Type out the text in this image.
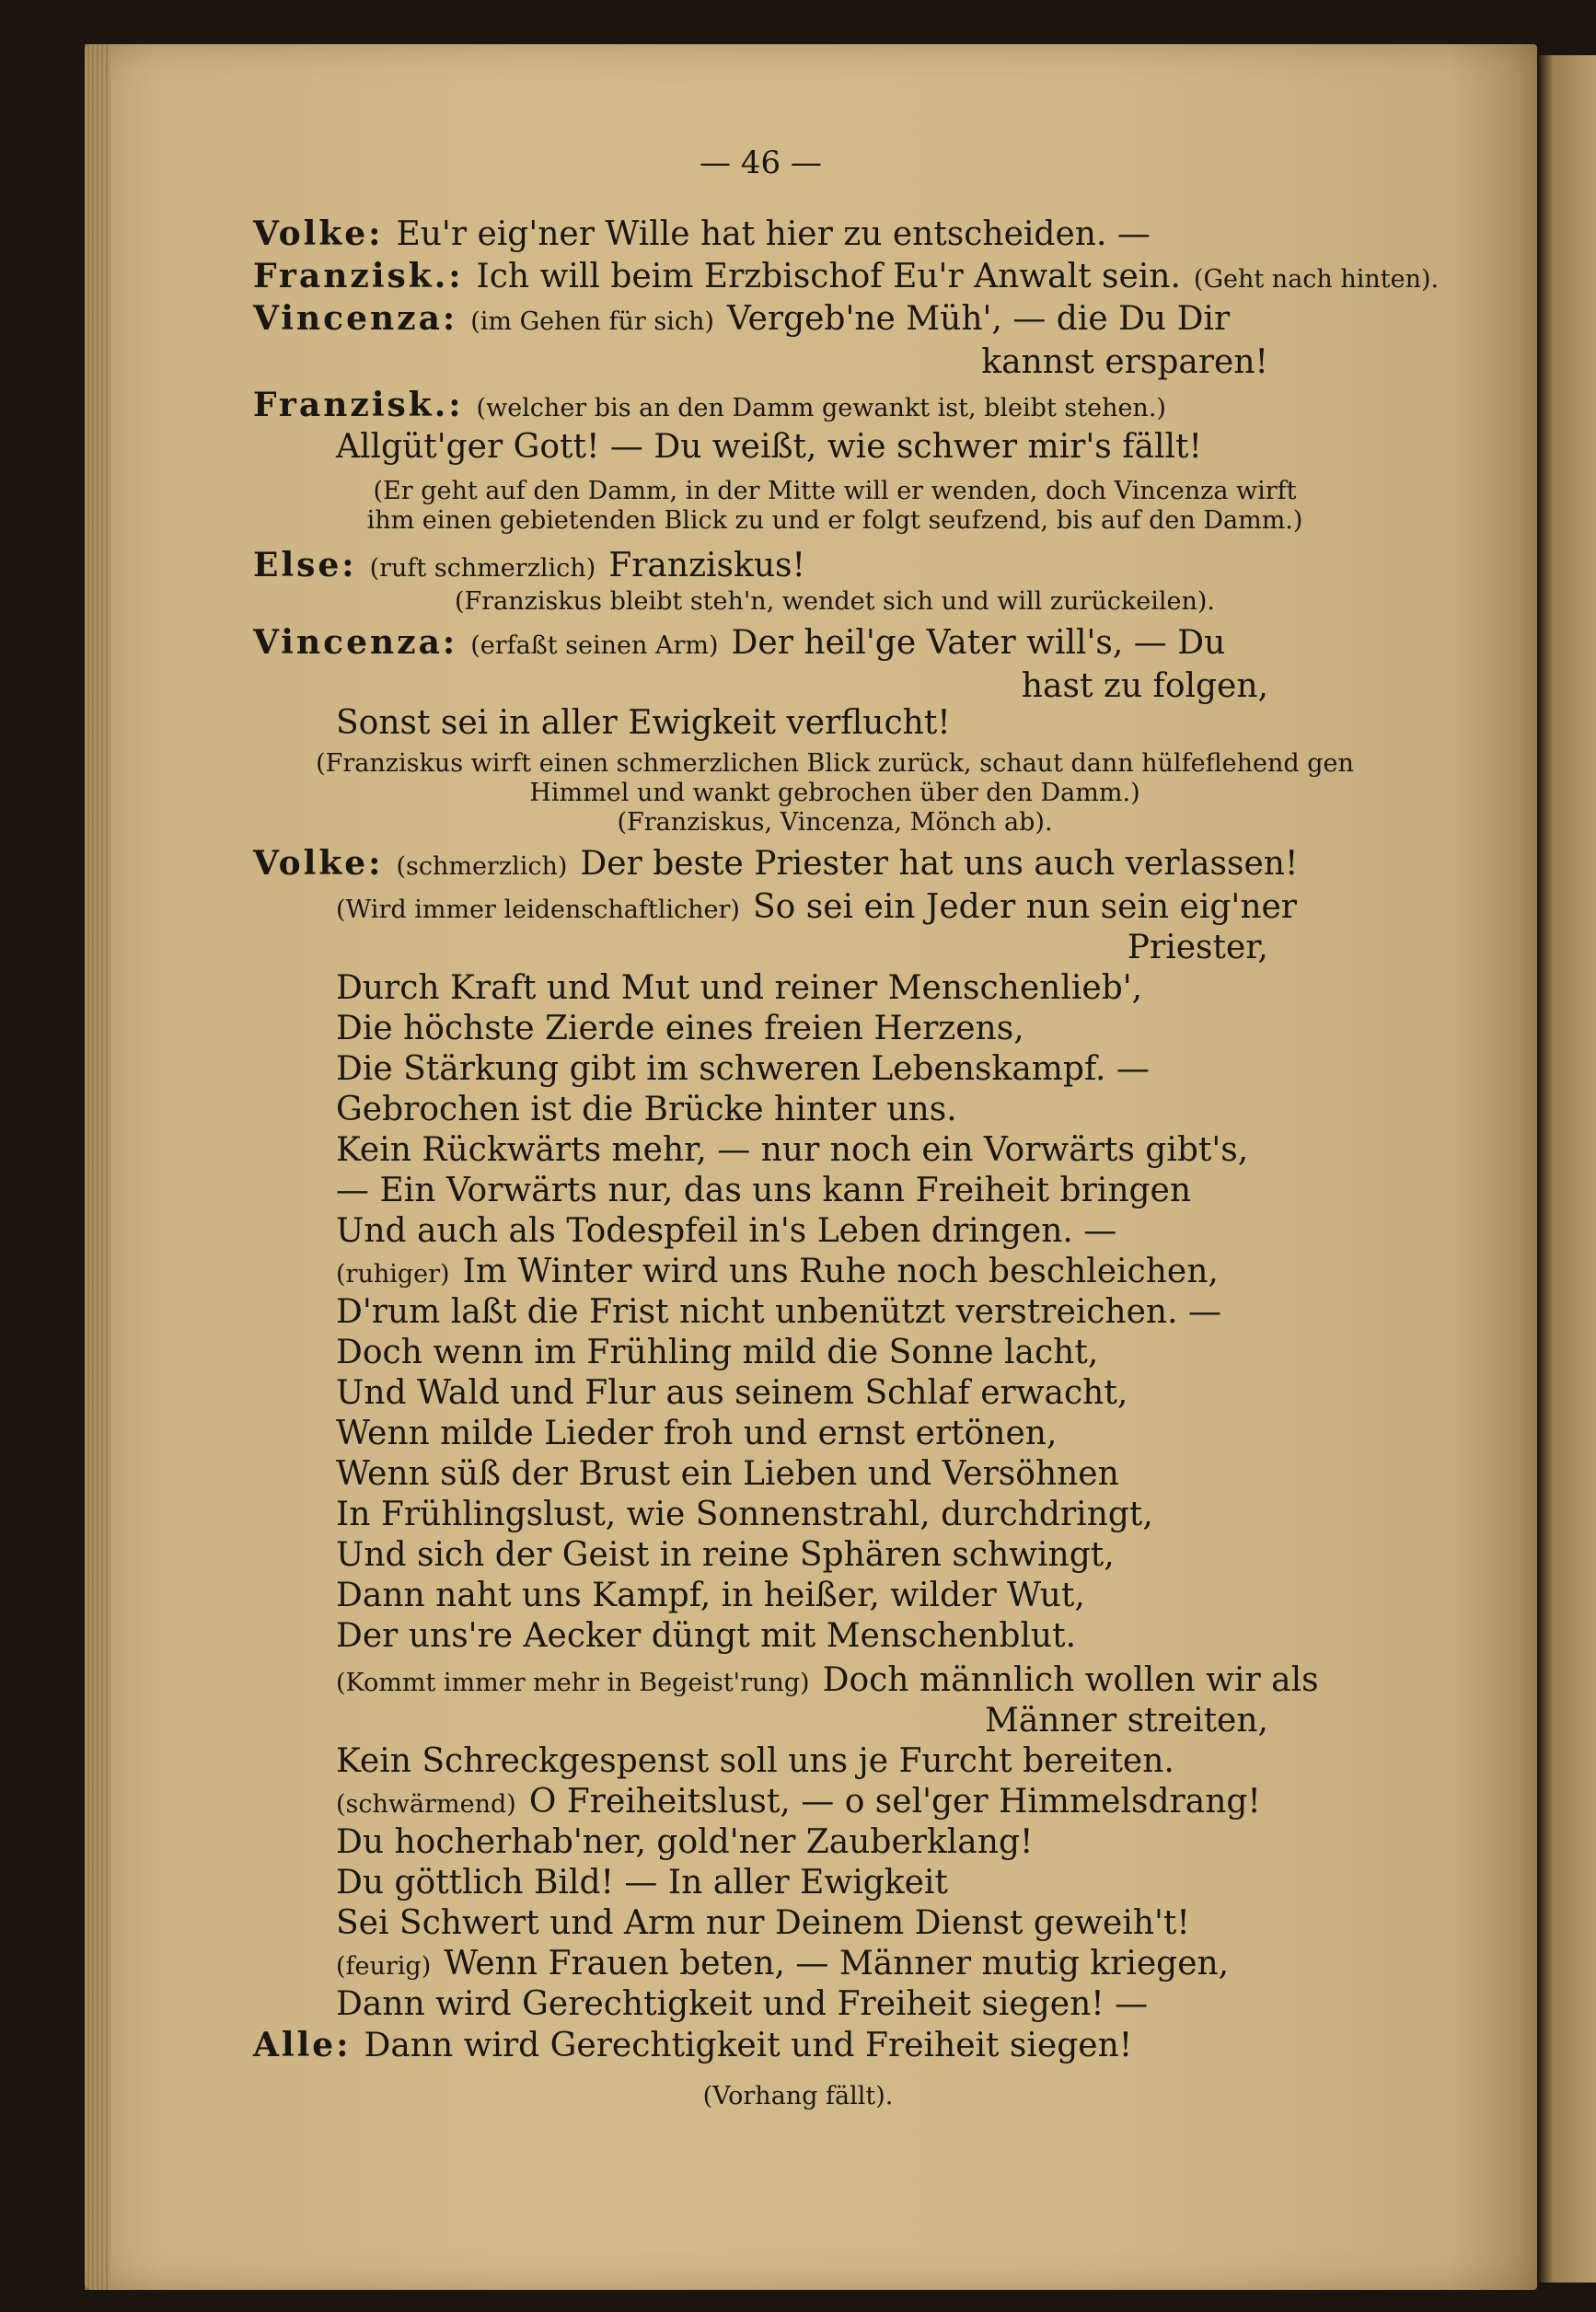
— 46 —
Volke: Eu'r eig'ner Wille hat hier zu entscheiden. —
Franzisk.: Ich will beim Erzbischof Eu'r Anwalt sein. (Geht nach hinten).
Vincenza: (im Gehen für sich) Vergeb'ne Müh', — die Du Dir
kannst ersparen!
Franzisk.: (welcher bis an den Damm gewankt ist, bleibt stehen.)
Allgüt'ger Gott! — Du weißt, wie schwer mir's fällt!
(Er geht auf den Damm, in der Mitte will er wenden, doch Vincenza wirft
ihm einen gebietenden Blick zu und er folgt seufzend, bis auf den Damm.)
Else: (ruft schmerzlich) Franziskus!
(Franziskus bleibt steh'n, wendet sich und will zurückeilen).
Vincenza: (erfaßt seinen Arm) Der heil'ge Vater will's, — Du
hast zu folgen,
Sonst sei in aller Ewigkeit verflucht!
(Franziskus wirft einen schmerzlichen Blick zurück, schaut dann hülfeflehend gen
Himmel und wankt gebrochen über den Damm.)
(Franziskus, Vincenza, Mönch ab).
Volke: (schmerzlich) Der beste Priester hat uns auch verlassen!
(Wird immer leidenschaftlicher) So sei ein Jeder nun sein eig'ner
Priester,
Durch Kraft und Mut und reiner Menschenlieb',
Die höchste Zierde eines freien Herzens,
Die Stärkung gibt im schweren Lebenskampf. —
Gebrochen ist die Brücke hinter uns.
Kein Rückwärts mehr, — nur noch ein Vorwärts gibt's,
— Ein Vorwärts nur, das uns kann Freiheit bringen
Und auch als Todespfeil in's Leben dringen. —
(ruhiger) Im Winter wird uns Ruhe noch beschleichen,
D'rum laßt die Frist nicht unbenützt verstreichen. —
Doch wenn im Frühling mild die Sonne lacht,
Und Wald und Flur aus seinem Schlaf erwacht,
Wenn milde Lieder froh und ernst ertönen,
Wenn süß der Brust ein Lieben und Versöhnen
In Frühlingslust, wie Sonnenstrahl, durchdringt,
Und sich der Geist in reine Sphären schwingt,
Dann naht uns Kampf, in heißer, wilder Wut,
Der uns're Aecker düngt mit Menschenblut.
(Kommt immer mehr in Begeist'rung) Doch männlich wollen wir als
Männer streiten,
Kein Schreckgespenst soll uns je Furcht bereiten.
(schwärmend) O Freiheitslust, — o sel'ger Himmelsdrang!
Du hocherhab'ner, gold'ner Zauberklang!
Du göttlich Bild! — In aller Ewigkeit
Sei Schwert und Arm nur Deinem Dienst geweih't!
(feurig) Wenn Frauen beten, — Männer mutig kriegen,
Dann wird Gerechtigkeit und Freiheit siegen! —
Alle: Dann wird Gerechtigkeit und Freiheit siegen!
(Vorhang fällt).
